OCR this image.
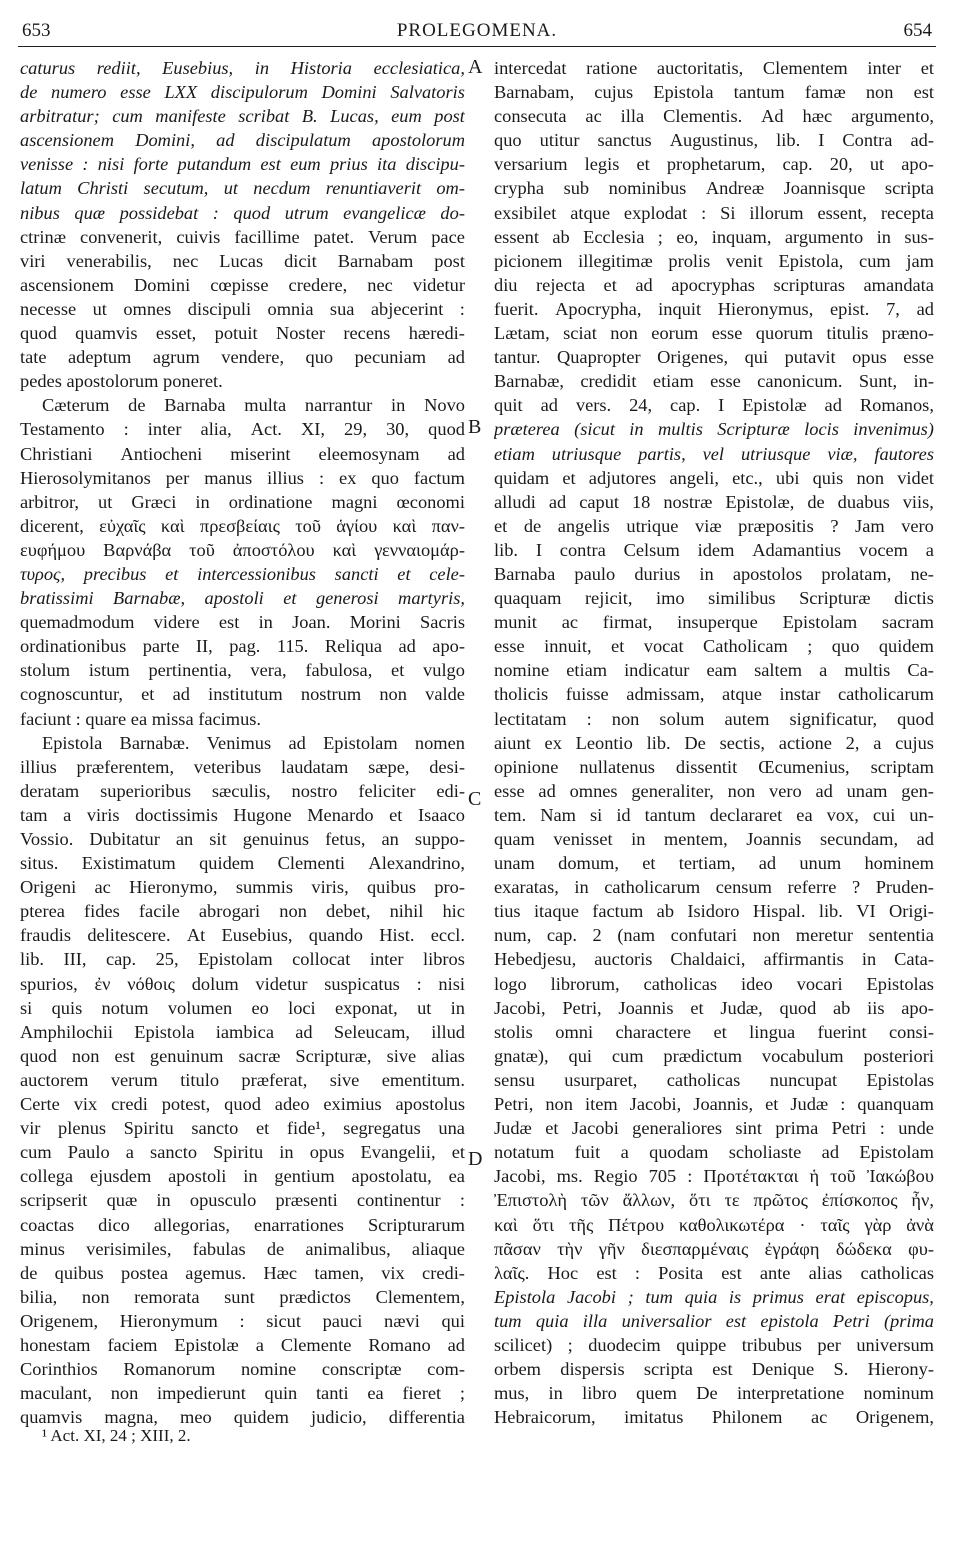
653	PROLEGOMENA.	654
caturus rediit, Eusebius, in Historia ecclesiatica,
de numero esse LXX discipulorum Domini Salvatoris
arbitratur; cum manifeste scribat B. Lucas, eum post
ascensionem Domini, ad discipulatum apostolorum
venisse : nisi forte putandum est eum prius ita discipu-
latum Christi secutum, ut necdum renuntiaverit om-
nibus quæ possidebat : quod utrum evangelicæ do-
ctrinæ convenerit, cuivis facillime patet. Verum pace
viri venerabilis, nec Lucas dicit Barnabam post
ascensionem Domini cœpisse credere, nec videtur
necesse ut omnes discipuli omnia sua abjecerint :
quod quamvis esset, potuit Noster recens hæredi-
tate adeptum agrum vendere, quo pecuniam ad
pedes apostolorum poneret.
Cæterum de Barnaba multa narrantur in Novo
Testamento : inter alia, Act. XI, 29, 30, quod
Christiani Antiocheni miserint eleemosynam ad
Hierosolymitanos per manus illius : ex quo factum
arbitror, ut Græci in ordinatione magni œconomi
dicerent, εὐχαῖς καὶ πρεσβείαις τοῦ ἁγίου καὶ παν-
ευφήμου Βαρνάβα τοῦ ἀποστόλου καὶ γενναιομάρ-
τυρος, precibus et intercessionibus sancti et cele-
bratissimi Barnabæ, apostoli et generosi martyris,
quemadmodum videre est in Joan. Morini Sacris
ordinationibus parte II, pag. 115. Reliqua ad apo-
stolum istum pertinentia, vera, fabulosa, et vulgo
cognoscuntur, et ad institutum nostrum non valde
faciunt : quare ea missa facimus.
Epistola Barnabæ. Venimus ad Epistolam nomen
illius præferentem, veteribus laudatam sæpe, desi-
deratam superioribus sæculis, nostro feliciter edi-
tam a viris doctissimis Hugone Menardo et Isaaco
Vossio. Dubitatur an sit genuinus fetus, an suppo-
situs. Existimatum quidem Clementi Alexandrino,
Origeni ac Hieronymo, summis viris, quibus pro-
pterea fides facile abrogari non debet, nihil hic
fraudis delitescere. At Eusebius, quando Hist. eccl.
lib. III, cap. 25, Epistolam collocat inter libros
spurios, ἐν νόθοις dolum videtur suspicatus : nisi
si quis notum volumen eo loci exponat, ut in
Amphilochii Epistola iambica ad Seleucam, illud
quod non est genuinum sacræ Scripturæ, sive alias
auctorem verum titulo præferat, sive ementitum.
Certe vix credi potest, quod adeo eximius apostolus
vir plenus Spiritu sancto et fide¹, segregatus una
cum Paulo a sancto Spiritu in opus Evangelii, et
collega ejusdem apostoli in gentium apostolatu, ea
scripserit quæ in opusculo præsenti continentur :
coactas dico allegorias, enarrationes Scripturarum
minus verisimiles, fabulas de animalibus, aliaque
de quibus postea agemus. Hæc tamen, vix credi-
bilia, non remorata sunt prædictos Clementem,
Origenem, Hieronymum : sicut pauci nævi qui
honestam faciem Epistolæ a Clemente Romano ad
Corinthios Romanorum nomine conscriptæ com-
maculant, non impedierunt quin tanti ea fieret ;
quamvis magna, meo quidem judicio, differentia
intercedat ratione auctoritatis, Clementem inter et
Barnabam, cujus Epistola tantum famæ non est
consecuta ac illa Clementis. Ad hæc argumento,
quo utitur sanctus Augustinus, lib. I Contra ad-
versarium legis et prophetarum, cap. 20, ut apo-
crypha sub nominibus Andreæ Joannisque scripta
exsibilet atque explodat : Si illorum essent, recepta
essent ab Ecclesia ; eo, inquam, argumento in sus-
picionem illegitimæ prolis venit Epistola, cum jam
diu rejecta et ad apocryphas scripturas amandata
fuerit. Apocrypha, inquit Hieronymus, epist. 7, ad
Lætam, sciat non eorum esse quorum titulis præno-
tantur. Quapropter Origenes, qui putavit opus esse
Barnabæ, credidit etiam esse canonicum. Sunt, in-
quit ad vers. 24, cap. I Epistolæ ad Romanos,
præterea (sicut in multis Scripturæ locis invenimus)
etiam utriusque partis, vel utriusque viæ, fautores
quidam et adjutores angeli, etc., ubi quis non videt
alludi ad caput 18 nostræ Epistolæ, de duabus viis,
et de angelis utrique viæ præpositis ? Jam vero
lib. I contra Celsum idem Adamantius vocem a
Barnaba paulo durius in apostolos prolatam, ne-
quaquam rejicit, imo similibus Scripturæ dictis
munit ac firmat, insuperque Epistolam sacram
esse innuit, et vocat Catholicam ; quo quidem
nomine etiam indicatur eam saltem a multis Ca-
tholicis fuisse admissam, atque instar catholicarum
lectitatam : non solum autem significatur, quod
aiunt ex Leontio lib. De sectis, actione 2, a cujus
opinione nullatenus dissentit Œcumenius, scriptam
esse ad omnes generaliter, non vero ad unam gen-
tem. Nam si id tantum declararet ea vox, cui un-
quam venisset in mentem, Joannis secundam, ad
unam domum, et tertiam, ad unum hominem
exaratas, in catholicarum censum referre ? Pruden-
tius itaque factum ab Isidoro Hispal. lib. VI Origi-
num, cap. 2 (nam confutari non meretur sententia
Hebedjesu, auctoris Chaldaici, affirmantis in Cata-
logo librorum, catholicas ideo vocari Epistolas
Jacobi, Petri, Joannis et Judæ, quod ab iis apo-
stolis omni charactere et lingua fuerint consi-
gnatæ), qui cum prædictum vocabulum posteriori
sensu usurparet, catholicas nuncupat Epistolas
Petri, non item Jacobi, Joannis, et Judæ : quanquam
Judæ et Jacobi generaliores sint prima Petri : unde
notatum fuit a quodam scholiaste ad Epistolam
Jacobi, ms. Regio 705 : Προτέτακται ἡ τοῦ Ἰακώβου
Ἐπιστολὴ τῶν ἄλλων, ὅτι τε πρῶτος ἐπίσκοπος ἦν,
καὶ ὅτι τῆς Πέτρου καθολικωτέρα · ταῖς γὰρ ἀνὰ
πᾶσαν τὴν γῆν διεσπαρμέναις ἐγράφη δώδεκα φυ-
λαῖς. Hoc est : Posita est ante alias catholicas
Epistola Jacobi ; tum quia is primus erat episcopus,
tum quia illa universalior est epistola Petri (prima
scilicet) ; duodecim quippe tribubus per universum
orbem dispersis scripta est Denique S. Hierony-
mus, in libro quem De interpretatione nominum
Hebraicorum, imitatus Philonem ac Origenem,
A
B
C
D
¹ Act. XI, 24 ; XIII, 2.
